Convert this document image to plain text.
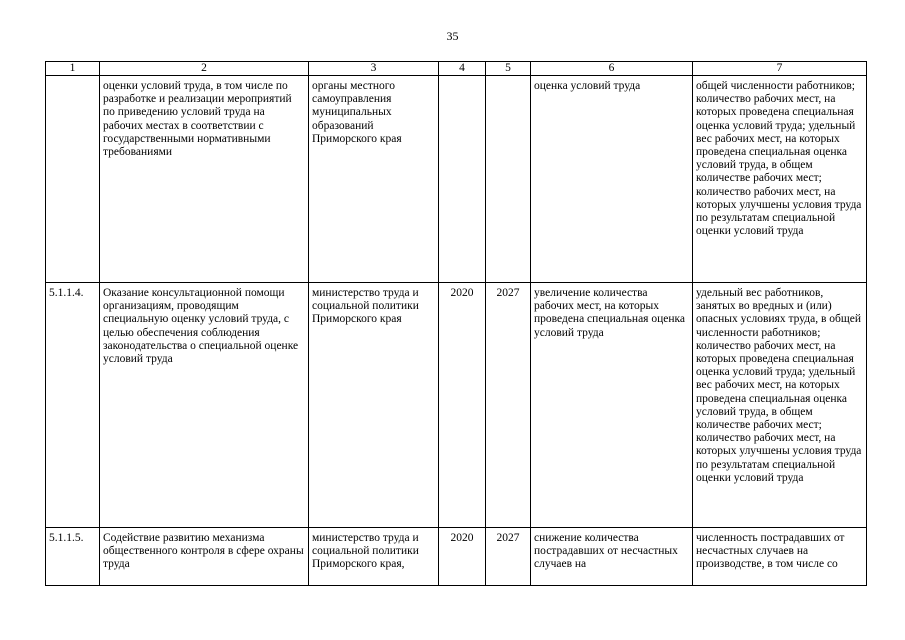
35
1	2	3	4	5	6	7
	оценки условий труда, в том числе по разработке и реализации мероприятий по приведению условий труда на рабочих местах в соответствии с государственными нормативными требованиями	органы местного самоуправления муниципальных образований Приморского края			оценка условий труда	общей численности работников; количество рабочих мест, на которых проведена специальная оценка условий труда; удельный вес рабочих мест, на которых проведена специальная оценка условий труда, в общем количестве рабочих мест; количество рабочих мест, на которых улучшены условия труда по результатам специальной оценки условий труда
5.1.1.4.	Оказание консультационной помощи организациям, проводящим специальную оценку условий труда, с целью обеспечения соблюдения законодательства о специальной оценке условий труда	министерство труда и социальной политики Приморского края	2020	2027	увеличение количества рабочих мест, на которых проведена специальная оценка условий труда	удельный вес работников, занятых во вредных и (или) опасных условиях труда, в общей численности работников; количество рабочих мест, на которых проведена специальная оценка условий труда; удельный вес рабочих мест, на которых проведена специальная оценка условий труда, в общем количестве рабочих мест; количество рабочих мест, на которых улучшены условия труда по результатам специальной оценки условий труда
5.1.1.5.	Содействие развитию механизма общественного контроля в сфере охраны труда	министерство труда и социальной политики Приморского края,	2020	2027	снижение количества пострадавших от несчастных случаев на	численность пострадавших от несчастных случаев на производстве, в том числе со
